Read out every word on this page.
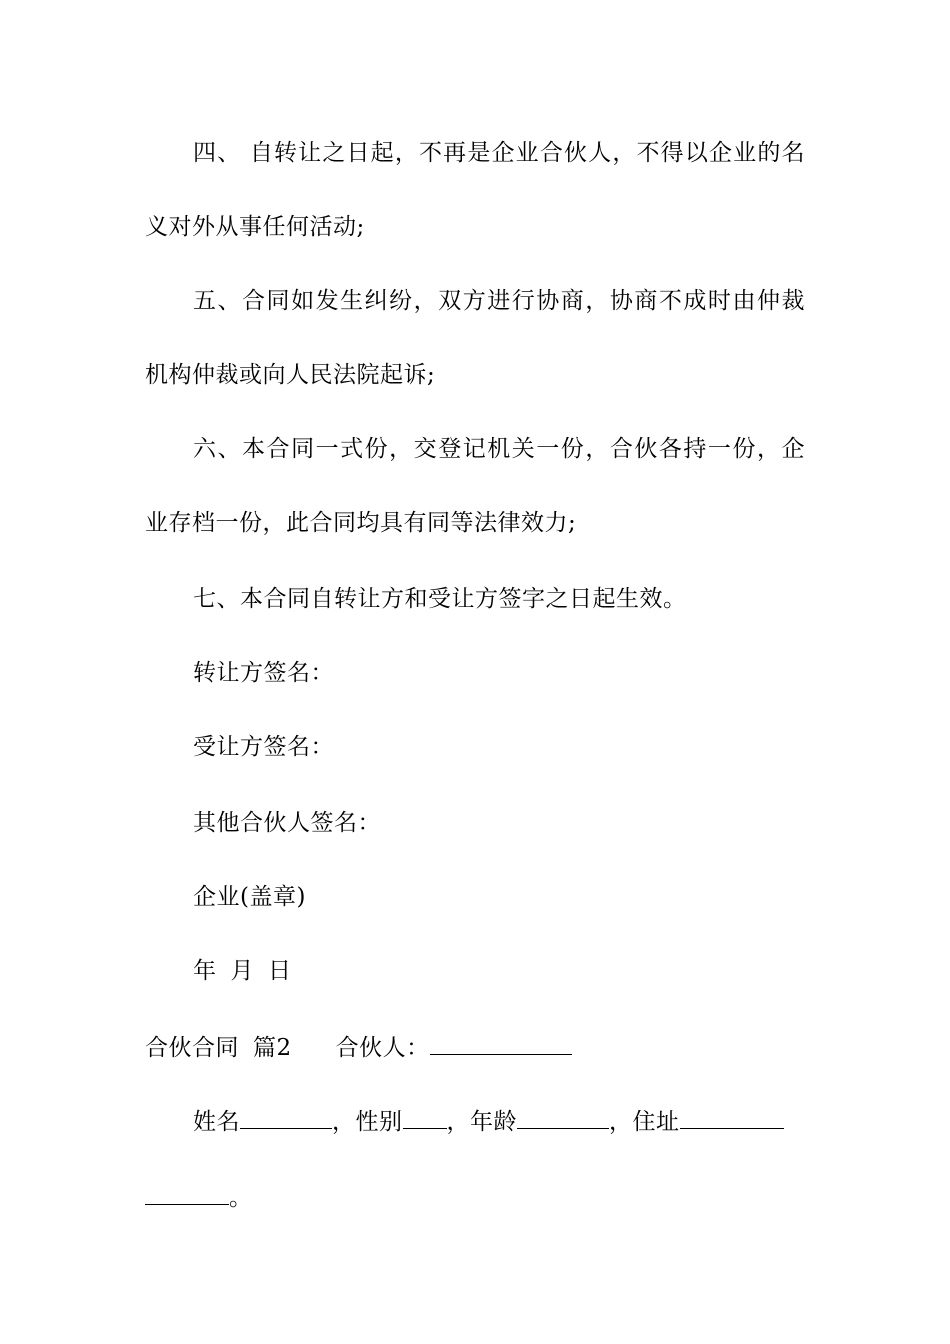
四、 自转让之日起，不再是企业合伙人，不得以企业的名
义对外从事任何活动;
五、合同如发生纠纷，双方进行协商，协商不成时由仲裁
机构仲裁或向人民法院起诉;
六、本合同一式份，交登记机关一份，合伙各持一份，企
业存档一份，此合同均具有同等法律效力;
七、本合同自转让方和受让方签字之日起生效。
转让方签名：
受让方签名：
其他合伙人签名：
企业(盖章)
年 月 日
合伙合同 篇2 合伙人：
姓名	，性别 ，年龄	，住址
。
